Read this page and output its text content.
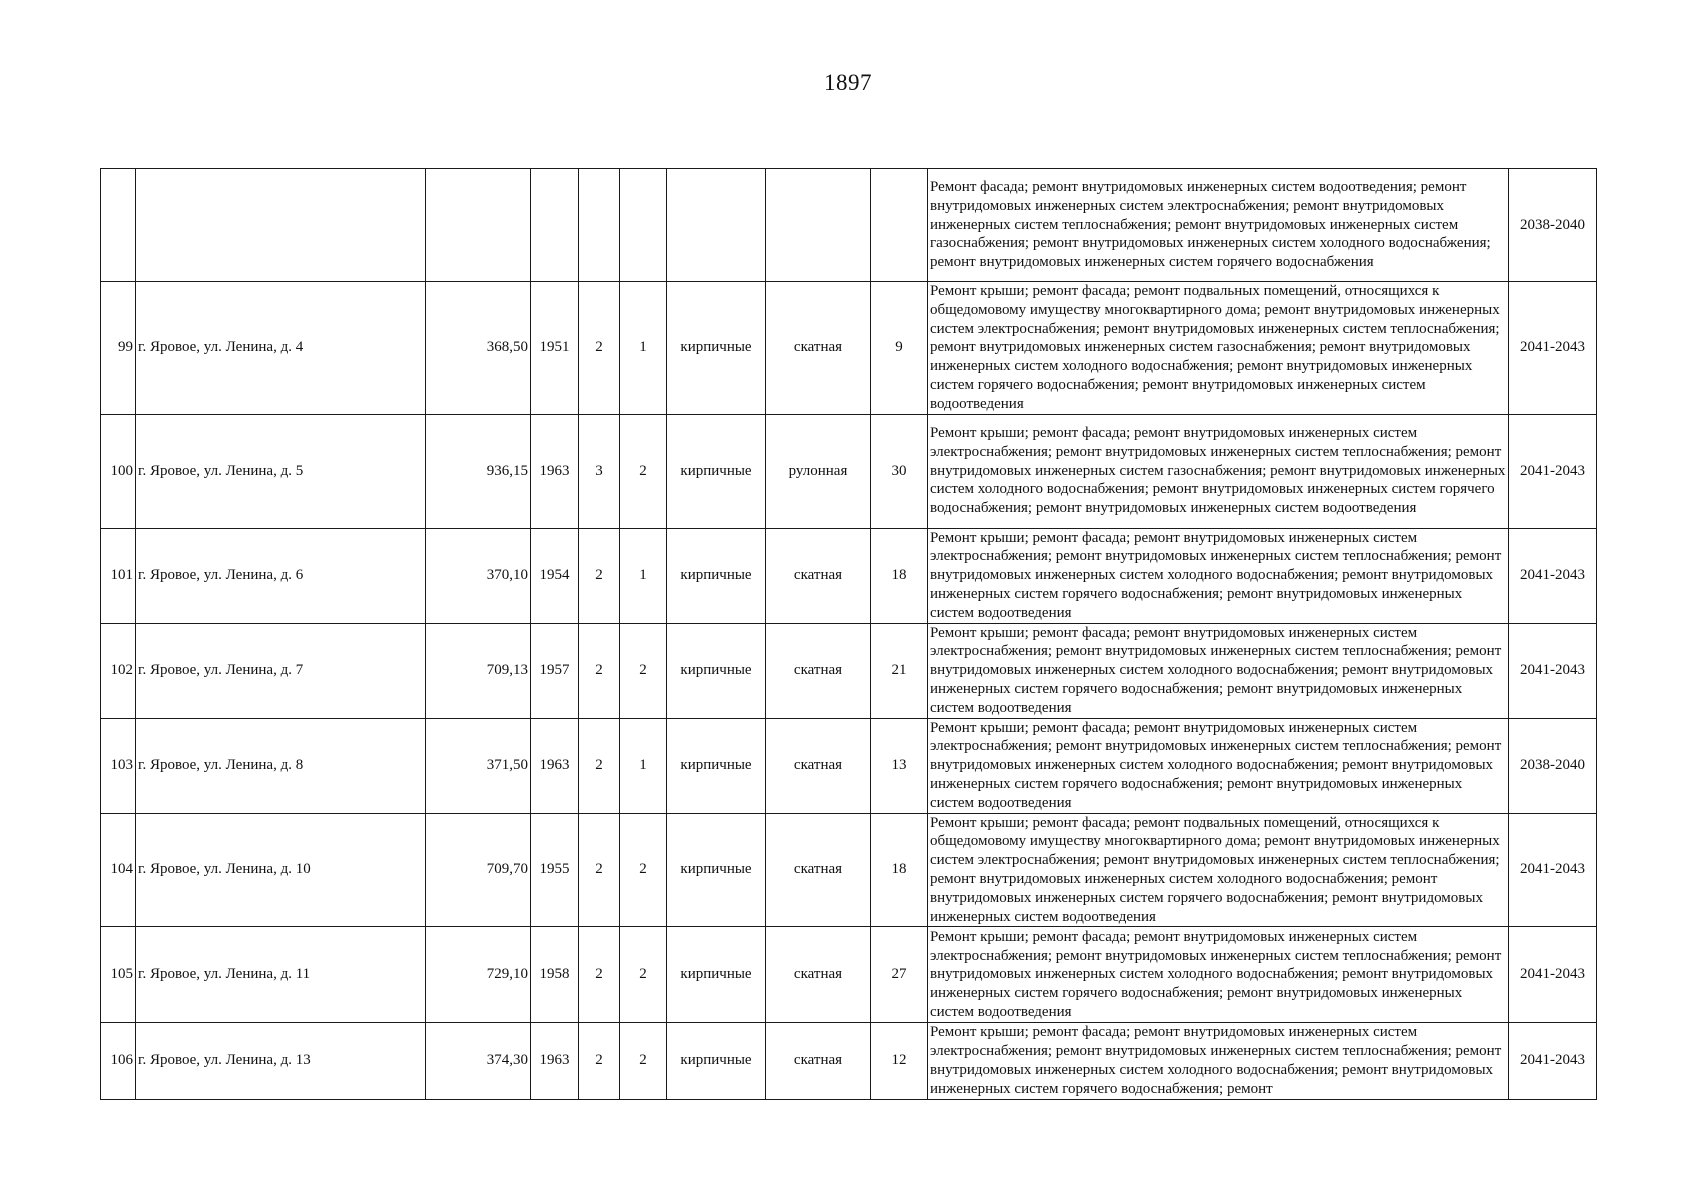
1897
									Ремонт фасада; ремонт внутридомовых инженерных систем водоотведения; ремонт внутридомовых инженерных систем электроснабжения; ремонт внутридомовых инженерных систем теплоснабжения; ремонт внутридомовых инженерных систем газоснабжения; ремонт внутридомовых инженерных систем холодного водоснабжения; ремонт внутридомовых инженерных систем горячего водоснабжения	2038-2040
99	г. Яровое, ул. Ленина, д. 4	368,50	1951	2	1	кирпичные	скатная	9	Ремонт крыши; ремонт фасада; ремонт подвальных помещений, относящихся к общедомовому имуществу многоквартирного дома; ремонт внутридомовых инженерных систем электроснабжения; ремонт внутридомовых инженерных систем теплоснабжения; ремонт внутридомовых инженерных систем газоснабжения; ремонт внутридомовых инженерных систем холодного водоснабжения; ремонт внутридомовых инженерных систем горячего водоснабжения; ремонт внутридомовых инженерных систем водоотведения	2041-2043
100	г. Яровое, ул. Ленина, д. 5	936,15	1963	3	2	кирпичные	рулонная	30	Ремонт крыши; ремонт фасада; ремонт внутридомовых инженерных систем электроснабжения; ремонт внутридомовых инженерных систем теплоснабжения; ремонт внутридомовых инженерных систем газоснабжения; ремонт внутридомовых инженерных систем холодного водоснабжения; ремонт внутридомовых инженерных систем горячего водоснабжения; ремонт внутридомовых инженерных систем водоотведения	2041-2043
101	г. Яровое, ул. Ленина, д. 6	370,10	1954	2	1	кирпичные	скатная	18	Ремонт крыши; ремонт фасада; ремонт внутридомовых инженерных систем электроснабжения; ремонт внутридомовых инженерных систем теплоснабжения; ремонт внутридомовых инженерных систем холодного водоснабжения; ремонт внутридомовых инженерных систем горячего водоснабжения; ремонт внутридомовых инженерных систем водоотведения	2041-2043
102	г. Яровое, ул. Ленина, д. 7	709,13	1957	2	2	кирпичные	скатная	21	Ремонт крыши; ремонт фасада; ремонт внутридомовых инженерных систем электроснабжения; ремонт внутридомовых инженерных систем теплоснабжения; ремонт внутридомовых инженерных систем холодного водоснабжения; ремонт внутридомовых инженерных систем горячего водоснабжения; ремонт внутридомовых инженерных систем водоотведения	2041-2043
103	г. Яровое, ул. Ленина, д. 8	371,50	1963	2	1	кирпичные	скатная	13	Ремонт крыши; ремонт фасада; ремонт внутридомовых инженерных систем электроснабжения; ремонт внутридомовых инженерных систем теплоснабжения; ремонт внутридомовых инженерных систем холодного водоснабжения; ремонт внутридомовых инженерных систем горячего водоснабжения; ремонт внутридомовых инженерных систем водоотведения	2038-2040
104	г. Яровое, ул. Ленина, д. 10	709,70	1955	2	2	кирпичные	скатная	18	Ремонт крыши; ремонт фасада; ремонт подвальных помещений, относящихся к общедомовому имуществу многоквартирного дома; ремонт внутридомовых инженерных систем электроснабжения; ремонт внутридомовых инженерных систем теплоснабжения; ремонт внутридомовых инженерных систем холодного водоснабжения; ремонт внутридомовых инженерных систем горячего водоснабжения; ремонт внутридомовых инженерных систем водоотведения	2041-2043
105	г. Яровое, ул. Ленина, д. 11	729,10	1958	2	2	кирпичные	скатная	27	Ремонт крыши; ремонт фасада; ремонт внутридомовых инженерных систем электроснабжения; ремонт внутридомовых инженерных систем теплоснабжения; ремонт внутридомовых инженерных систем холодного водоснабжения; ремонт внутридомовых инженерных систем горячего водоснабжения; ремонт внутридомовых инженерных систем водоотведения	2041-2043
106	г. Яровое, ул. Ленина, д. 13	374,30	1963	2	2	кирпичные	скатная	12	Ремонт крыши; ремонт фасада; ремонт внутридомовых инженерных систем электроснабжения; ремонт внутридомовых инженерных систем теплоснабжения; ремонт внутридомовых инженерных систем холодного водоснабжения; ремонт внутридомовых инженерных систем горячего водоснабжения; ремонт	2041-2043
